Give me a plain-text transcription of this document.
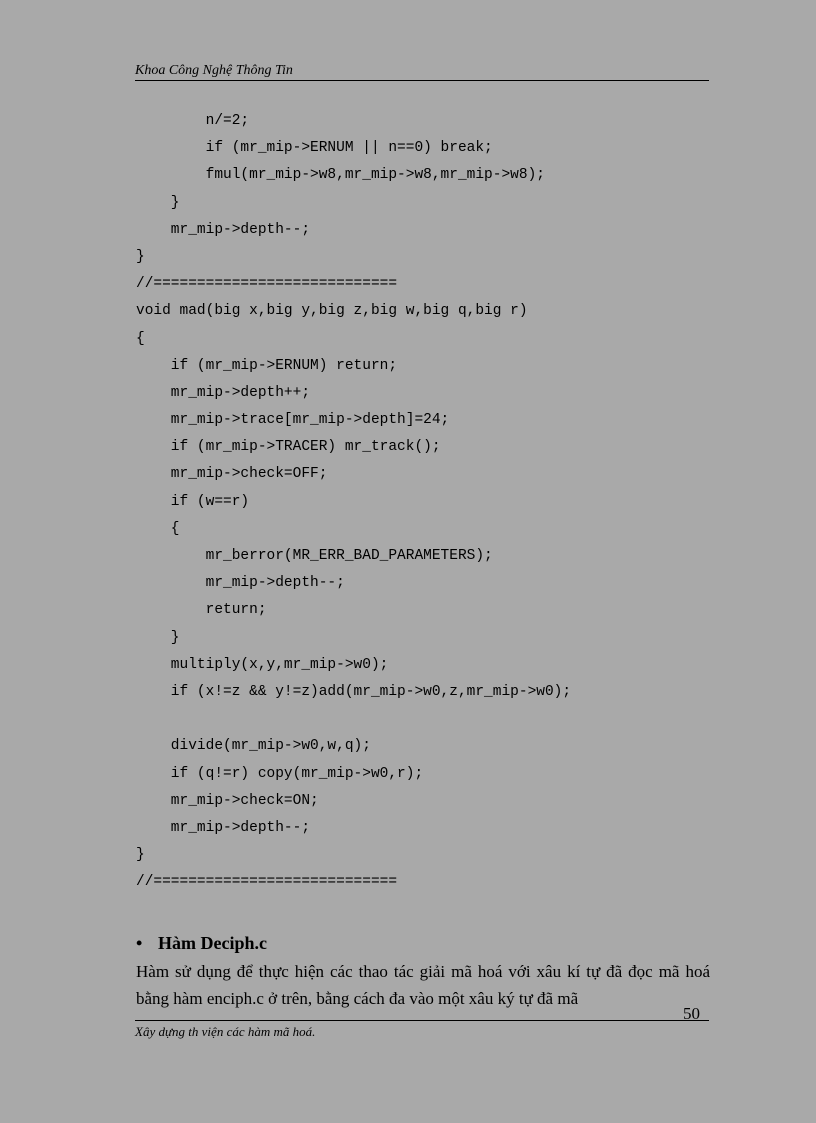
Khoa Công Nghệ Thông Tin
n/=2;
if (mr_mip->ERNUM || n==0) break;
fmul(mr_mip->w8,mr_mip->w8,mr_mip->w8);
}
mr_mip->depth--;
}
//============================
void mad(big x,big y,big z,big w,big q,big r)
{
if (mr_mip->ERNUM) return;
mr_mip->depth++;
mr_mip->trace[mr_mip->depth]=24;
if (mr_mip->TRACER) mr_track();
mr_mip->check=OFF;
if (w==r)
{
mr_berror(MR_ERR_BAD_PARAMETERS);
mr_mip->depth--;
return;
}
multiply(x,y,mr_mip->w0);
if (x!=z && y!=z)add(mr_mip->w0,z,mr_mip->w0);
divide(mr_mip->w0,w,q);
if (q!=r) copy(mr_mip->w0,r);
mr_mip->check=ON;
mr_mip->depth--;
}
//============================
• Hàm Deciph.c

Hàm sử dụng để thực hiện các thao tác giải mã hoá với xâu kí tự đã đọc mã hoá bằng hàm enciph.c ở trên, bằng cách đa vào một xâu ký tự đã mã

50
Xây dựng th viện các hàm mã hoá.
